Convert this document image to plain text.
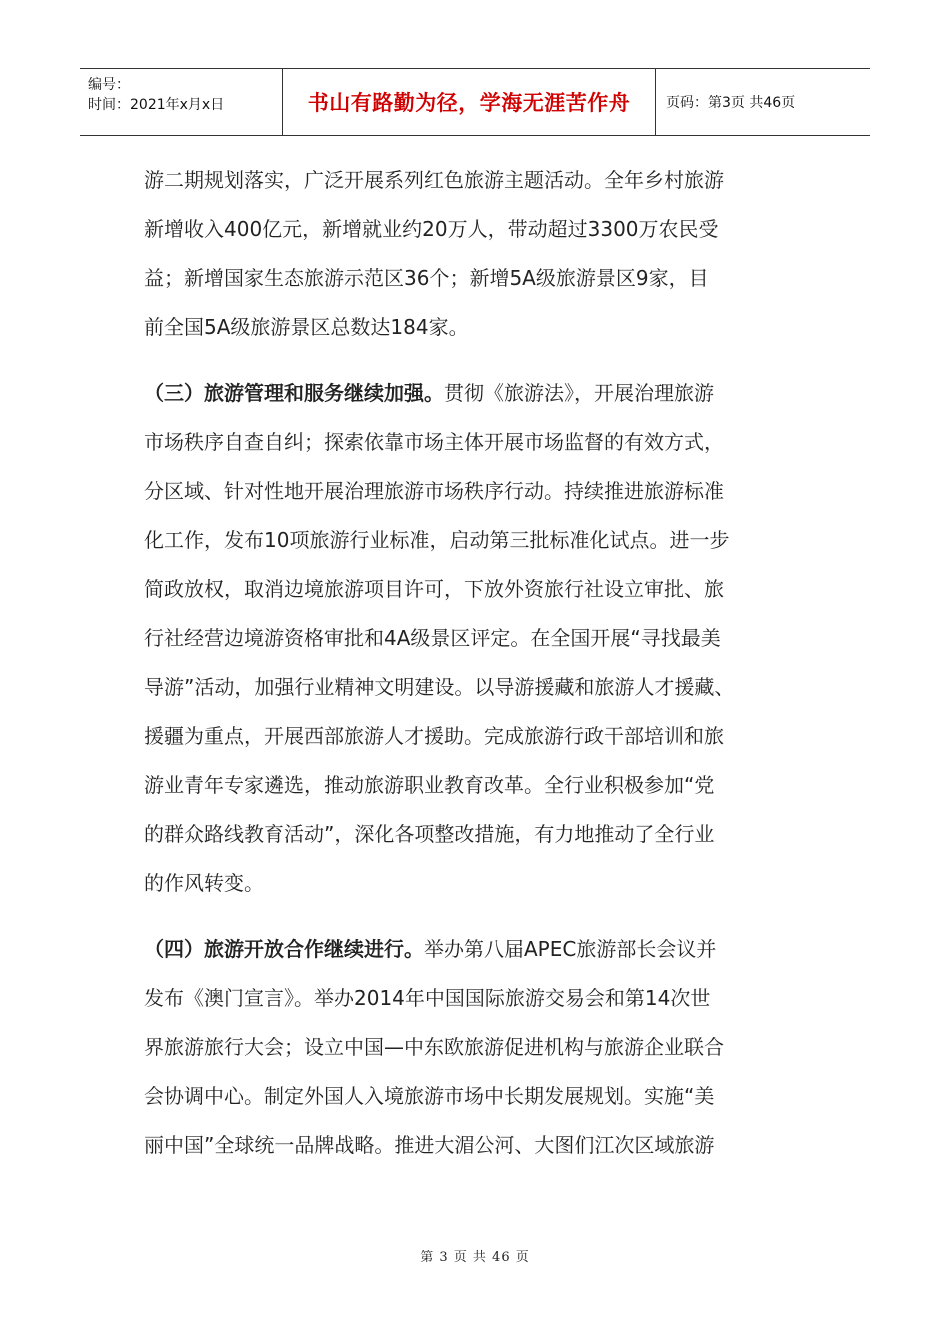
编号：
时间：2021年x月x日	书山有路勤为径，学海无涯苦作舟	页码：第3页 共46页

游二期规划落实，广泛开展系列红色旅游主题活动。全年乡村旅游

新增收入400亿元，新增就业约20万人，带动超过3300万农民受

益；新增国家生态旅游示范区36个；新增5A级旅游景区9家，目

前全国5A级旅游景区总数达184家。

（三）旅游管理和服务继续加强。贯彻《旅游法》，开展治理旅游

市场秩序自查自纠；探索依靠市场主体开展市场监督的有效方式，

分区域、针对性地开展治理旅游市场秩序行动。持续推进旅游标准

化工作，发布10项旅游行业标准，启动第三批标准化试点。进一步

简政放权，取消边境旅游项目许可，下放外资旅行社设立审批、旅

行社经营边境游资格审批和4A级景区评定。在全国开展“寻找最美

导游”活动，加强行业精神文明建设。以导游援藏和旅游人才援藏、

援疆为重点，开展西部旅游人才援助。完成旅游行政干部培训和旅

游业青年专家遴选，推动旅游职业教育改革。全行业积极参加“党

的群众路线教育活动”，深化各项整改措施，有力地推动了全行业

的作风转变。

（四）旅游开放合作继续进行。举办第八届APEC旅游部长会议并

发布《澳门宣言》。举办2014年中国国际旅游交易会和第14次世

界旅游旅行大会；设立中国—中东欧旅游促进机构与旅游企业联合

会协调中心。制定外国人入境旅游市场中长期发展规划。实施“美

丽中国”全球统一品牌战略。推进大湄公河、大图们江次区域旅游

第 3 页 共 46 页
